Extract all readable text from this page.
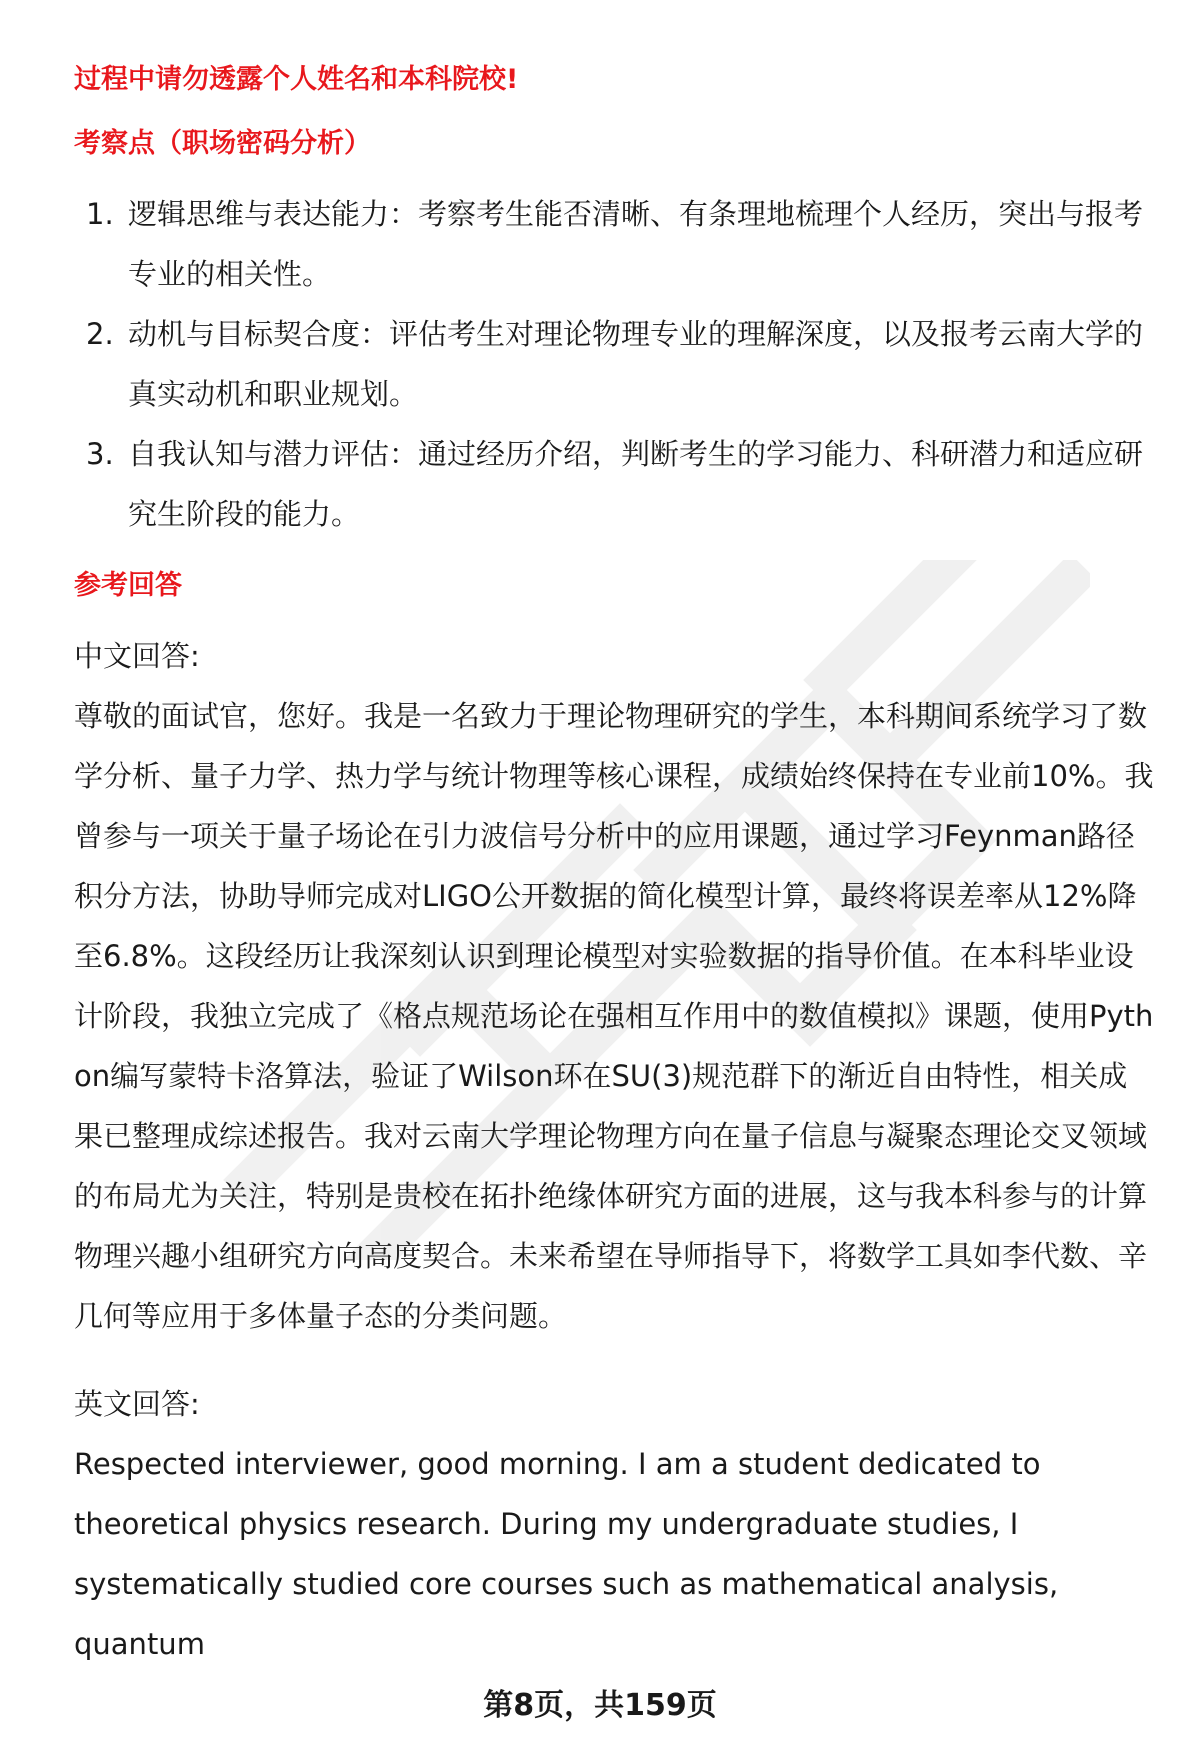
过程中请勿透露个人姓名和本科院校!

考察点（职场密码分析）
1. 逻辑思维与表达能力：考察考生能否清晰、有条理地梳理个人经历，突出与报考专业的相关性。
2. 动机与目标契合度：评估考生对理论物理专业的理解深度，以及报考云南大学的真实动机和职业规划。
3. 自我认知与潜力评估：通过经历介绍，判断考生的学习能力、科研潜力和适应研究生阶段的能力。
参考回答

中文回答:

尊敬的面试官，您好。我是一名致力于理论物理研究的学生，本科期间系统学习了数学分析、量子力学、热力学与统计物理等核心课程，成绩始终保持在专业前10%。我曾参与一项关于量子场论在引力波信号分析中的应用课题，通过学习Feynman路径积分方法，协助导师完成对LIGO公开数据的简化模型计算，最终将误差率从12%降至6.8%。这段经历让我深刻认识到理论模型对实验数据的指导价值。在本科毕业设计阶段，我独立完成了《格点规范场论在强相互作用中的数值模拟》课题，使用Python编写蒙特卡洛算法，验证了Wilson环在SU(3)规范群下的渐近自由特性，相关成果已整理成综述报告。我对云南大学理论物理方向在量子信息与凝聚态理论交叉领域的布局尤为关注，特别是贵校在拓扑绝缘体研究方面的进展，这与我本科参与的计算物理兴趣小组研究方向高度契合。未来希望在导师指导下，将数学工具如李代数、辛几何等应用于多体量子态的分类问题。

英文回答:

Respected interviewer, good morning. I am a student dedicated to theoretical physics research. During my undergraduate studies, I systematically studied core courses such as mathematical analysis, quantum

第8页，共159页
